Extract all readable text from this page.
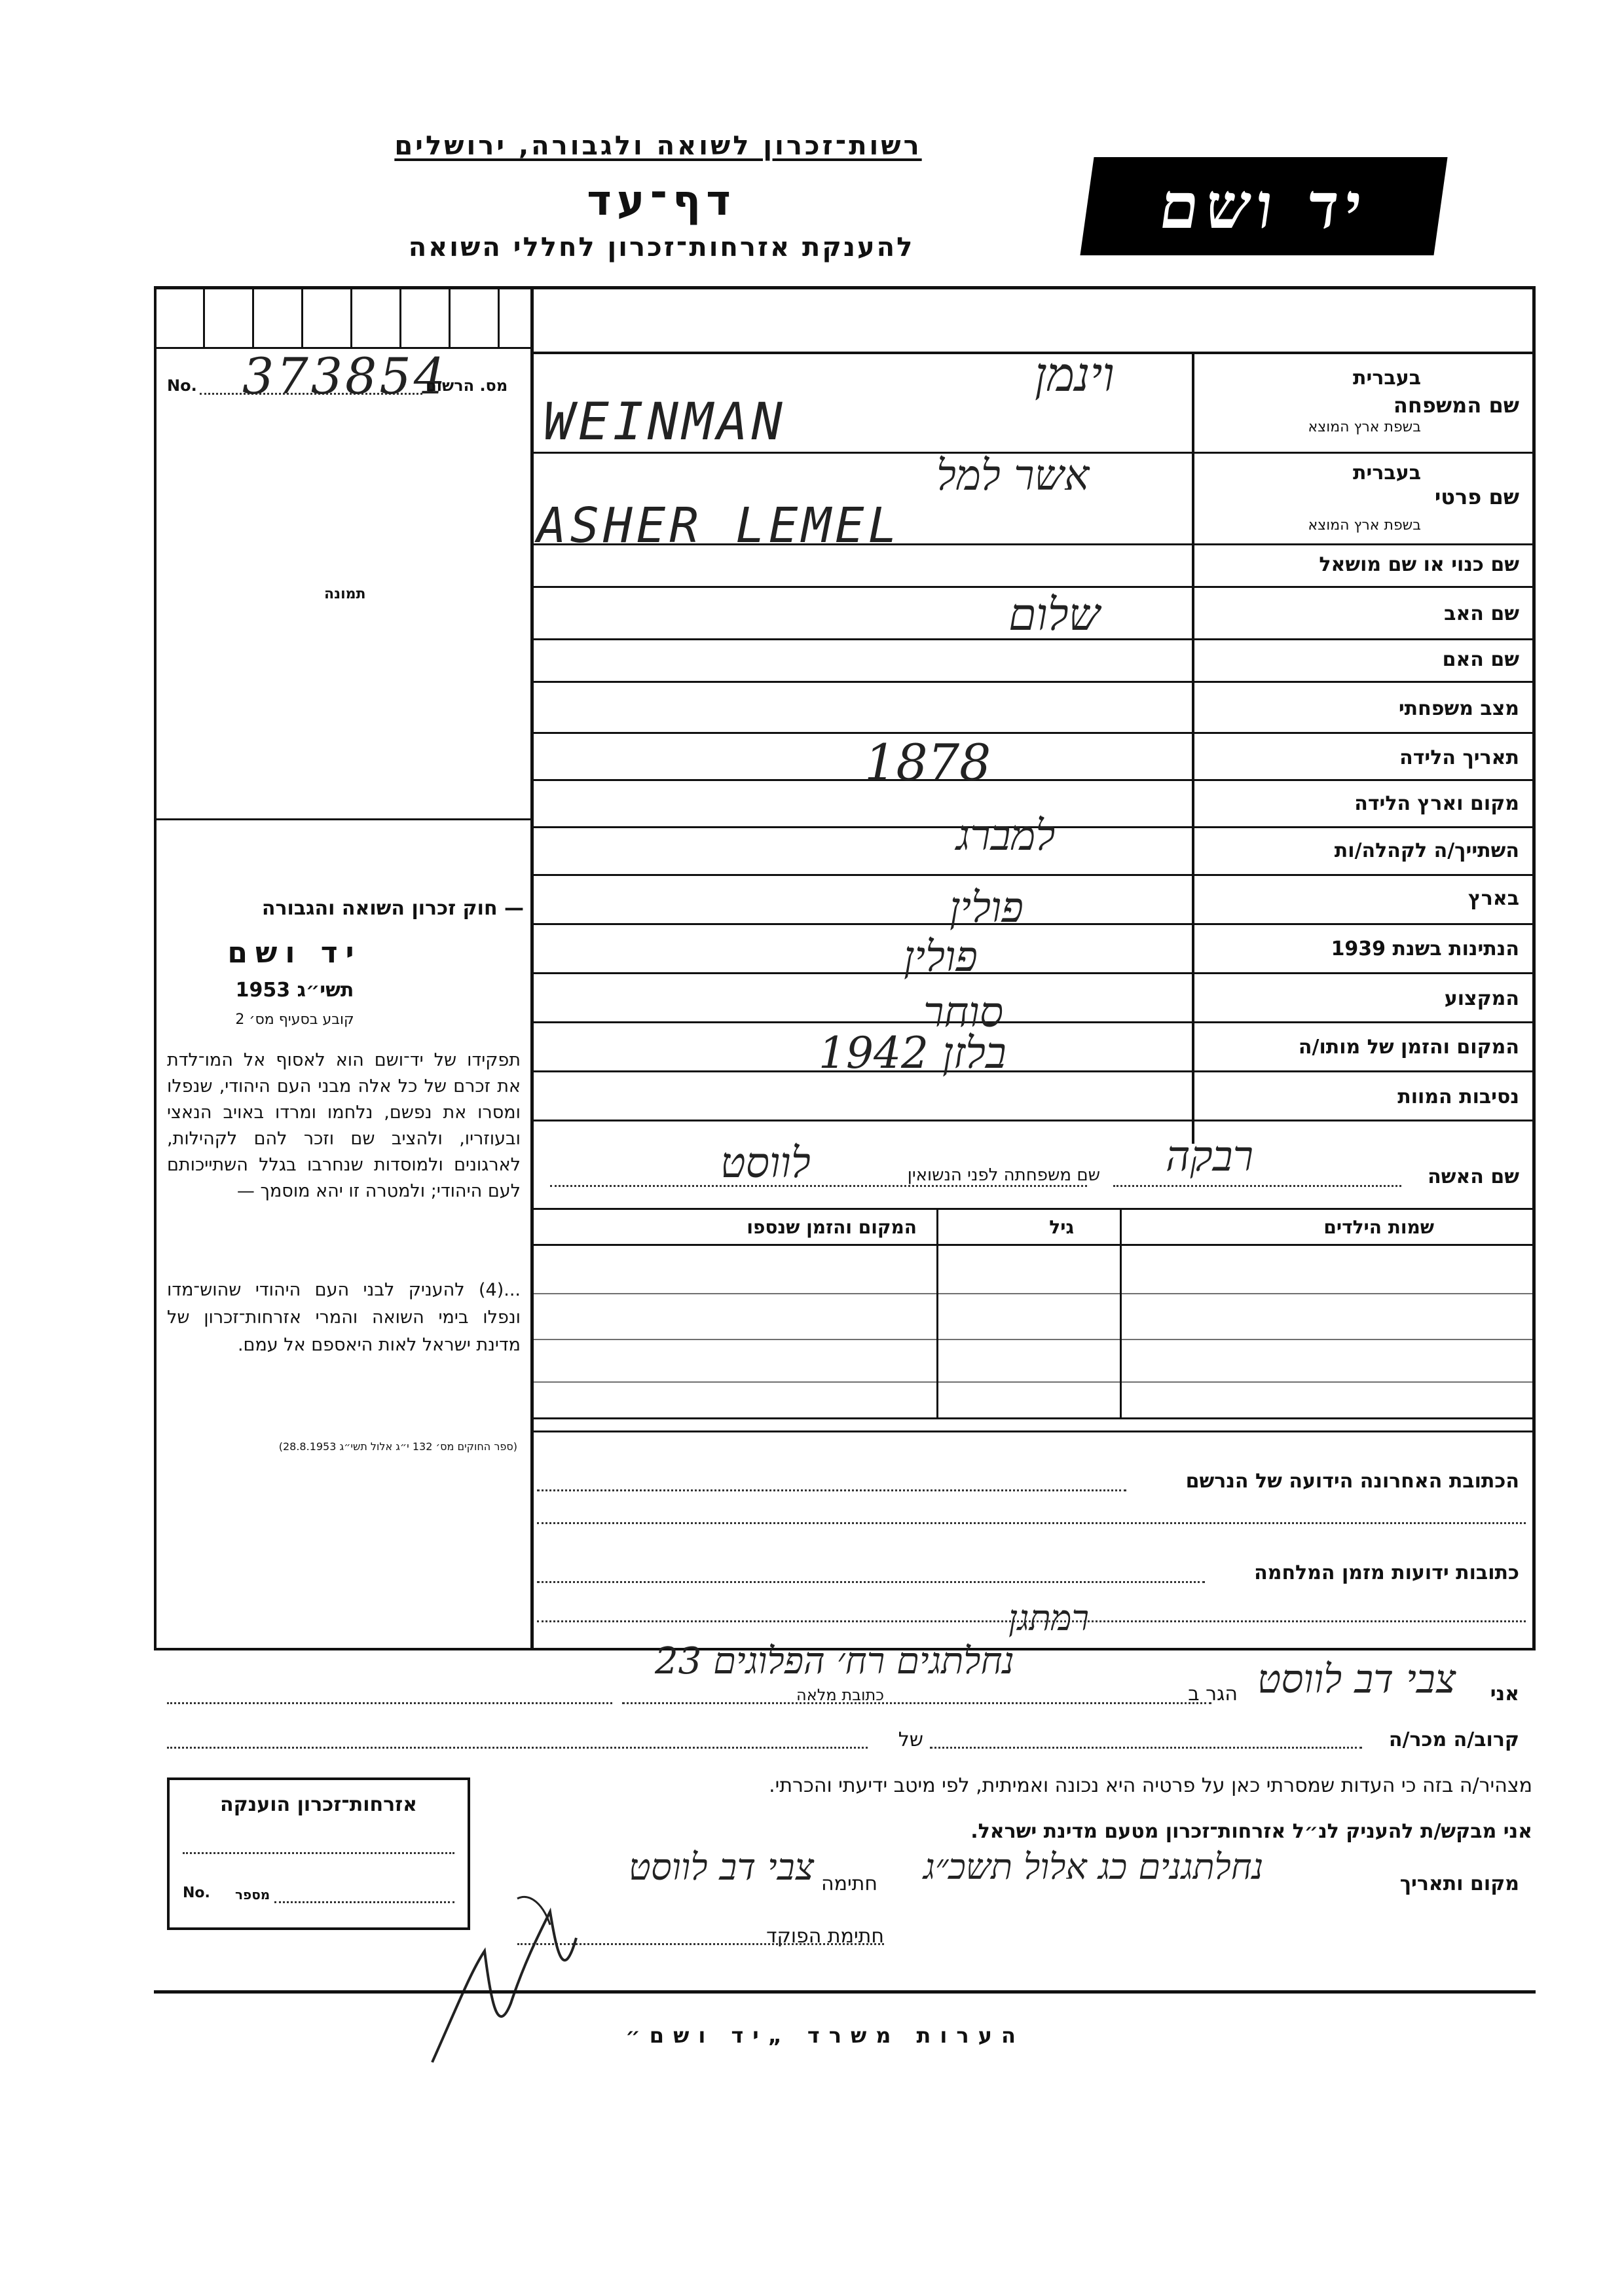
רשות־זכרון לשואה ולגבורה, ירושלים
דף־עד
להענקת אזרחות־זכרון לחללי השואה
יד ושם
No. 373854
מס. הרשום
תמונה
שם המשפחה
בעברית
בשפת ארץ המוצא
שם פרטי
בעברית
בשפת ארץ המוצא
שם כנוי או שם מושאל
שם האב
שם האם
מצב משפחתי
תאריך הלידה
מקום וארץ הלידה
השתייך/ה לקהלה/ות
בארץ
הנתינות בשנת 1939
המקצוע
המקום והזמן של מותו/ה
נסיבות המוות
וינמן
WEINMAN
אשר למל
ASHER LEMEL
שלום
1878
למברג
פולין
פולין
סוחר
בלזן 1942
שם האשה
רבקה
שם משפחתה לפני הנשואין
לווסט
שמות הילדים
גיל
המקום והזמן שנספו
— חוק זכרון השואה והגבורה
יד ושם
תשי״ג 1953
קובע בסעיף מס׳ 2
תפקידו של יד־ושם הוא לאסוף אל המו־לדת את זכרם של כל אלה מבני העם היהודי, שנפלו ומסרו את נפשם, נלחמו ומרדו באויב הנאצי ובעוזריו, ולהציב שם וזכר להם לקהילות, לארגונים ולמוסדות שנחרבו בגלל השתייכותם לעם היהודי; ולמטרה זו יהא מוסמך —
...(4) להעניק לבני העם היהודי שהוש־מדו ונפלו בימי השואה והמרי אזרחות־זכרון של מדינת ישראל לאות היאספם אל עמם.
(ספר החוקים מס׳ 132 י״ג אלול תשי״ג 28.8.1953)
הכתובת האחרונה הידועה של הנרשם
כתובות ידועות מזמן המלחמה
אני
צבי דב לווסט
רמתגן
הגר ב
נחלתגים רח׳ הפלוגים 23
כתובת מלאה
קרוב/ה מכר/ה
של
מצהיר/ה בזה כי העדות שמסרתי כאן על פרטיה היא נכונה ואמיתית, לפי מיטב ידיעתי והכרתי.
אני מבקש/ת להעניק לנ״ל אזרחות־זכרון מטעם מדינת ישראל.
מקום ותאריך
נחלתגנים כג אלול תשכ״ג
חתימה
צבי דב לווסט
חתימת הפוקד
אזרחות־זכרון הוענקה
No. מספר
הערות משרד „יד ושם״
